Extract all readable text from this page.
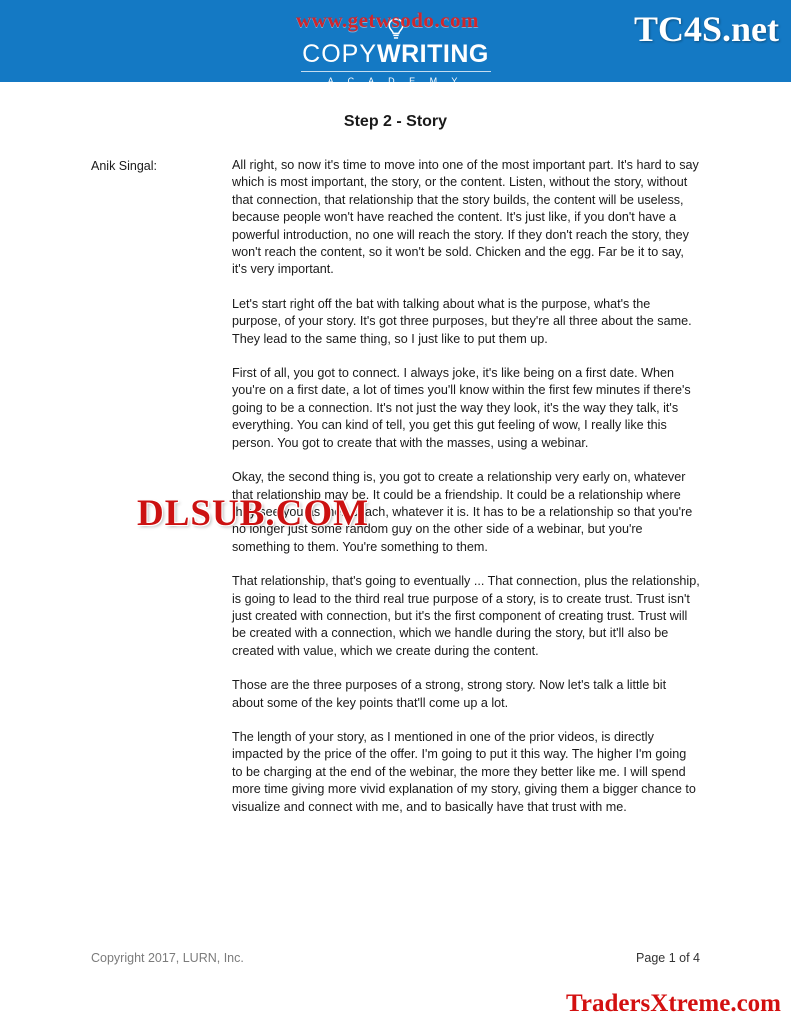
COPYWRITING
A C A D E M Y
www.getwsodo.com	TC4S.net
Step 2 - Story
Anik Singal:	All right, so now it's time to move into one of the most important part. It's hard to say which is most important, the story, or the content. Listen, without the story, without that connection, that relationship that the story builds, the content will be useless, because people won't have reached the content. It's just like, if you don't have a powerful introduction, no one will reach the story. If they don't reach the story, they won't reach the content, so it won't be sold. Chicken and the egg. Far be it to say, it's very important.

Let's start right off the bat with talking about what is the purpose, what's the purpose, of your story. It's got three purposes, but they're all three about the same. They lead to the same thing, so I just like to put them up.

First of all, you got to connect. I always joke, it's like being on a first date. When you're on a first date, a lot of times you'll know within the first few minutes if there's going to be a connection. It's not just the way they look, it's the way they talk, it's everything. You can kind of tell, you get this gut feeling of wow, I really like this person. You got to create that with the masses, using a webinar.

Okay, the second thing is, you got to create a relationship very early on, whatever that relationship may be. It could be a friendship. It could be a relationship where they see you as their coach, whatever it is. It has to be a relationship so that you're no longer just some random guy on the other side of a webinar, but you're something to them. You're something to them.

That relationship, that's going to eventually ... That connection, plus the relationship, is going to lead to the third real true purpose of a story, is to create trust. Trust isn't just created with connection, but it's the first component of creating trust. Trust will be created with a connection, which we handle during the story, but it'll also be created with value, which we create during the content.

Those are the three purposes of a strong, strong story. Now let's talk a little bit about some of the key points that'll come up a lot.

The length of your story, as I mentioned in one of the prior videos, is directly impacted by the price of the offer. I'm going to put it this way. The higher I'm going to be charging at the end of the webinar, the more they better like me. I will spend more time giving more vivid explanation of my story, giving them a bigger chance to visualize and connect with me, and to basically have that trust with me.

DLSUB.COM
Copyright 2017, LURN, Inc.	Page 1 of 4
TradersXtreme.com
